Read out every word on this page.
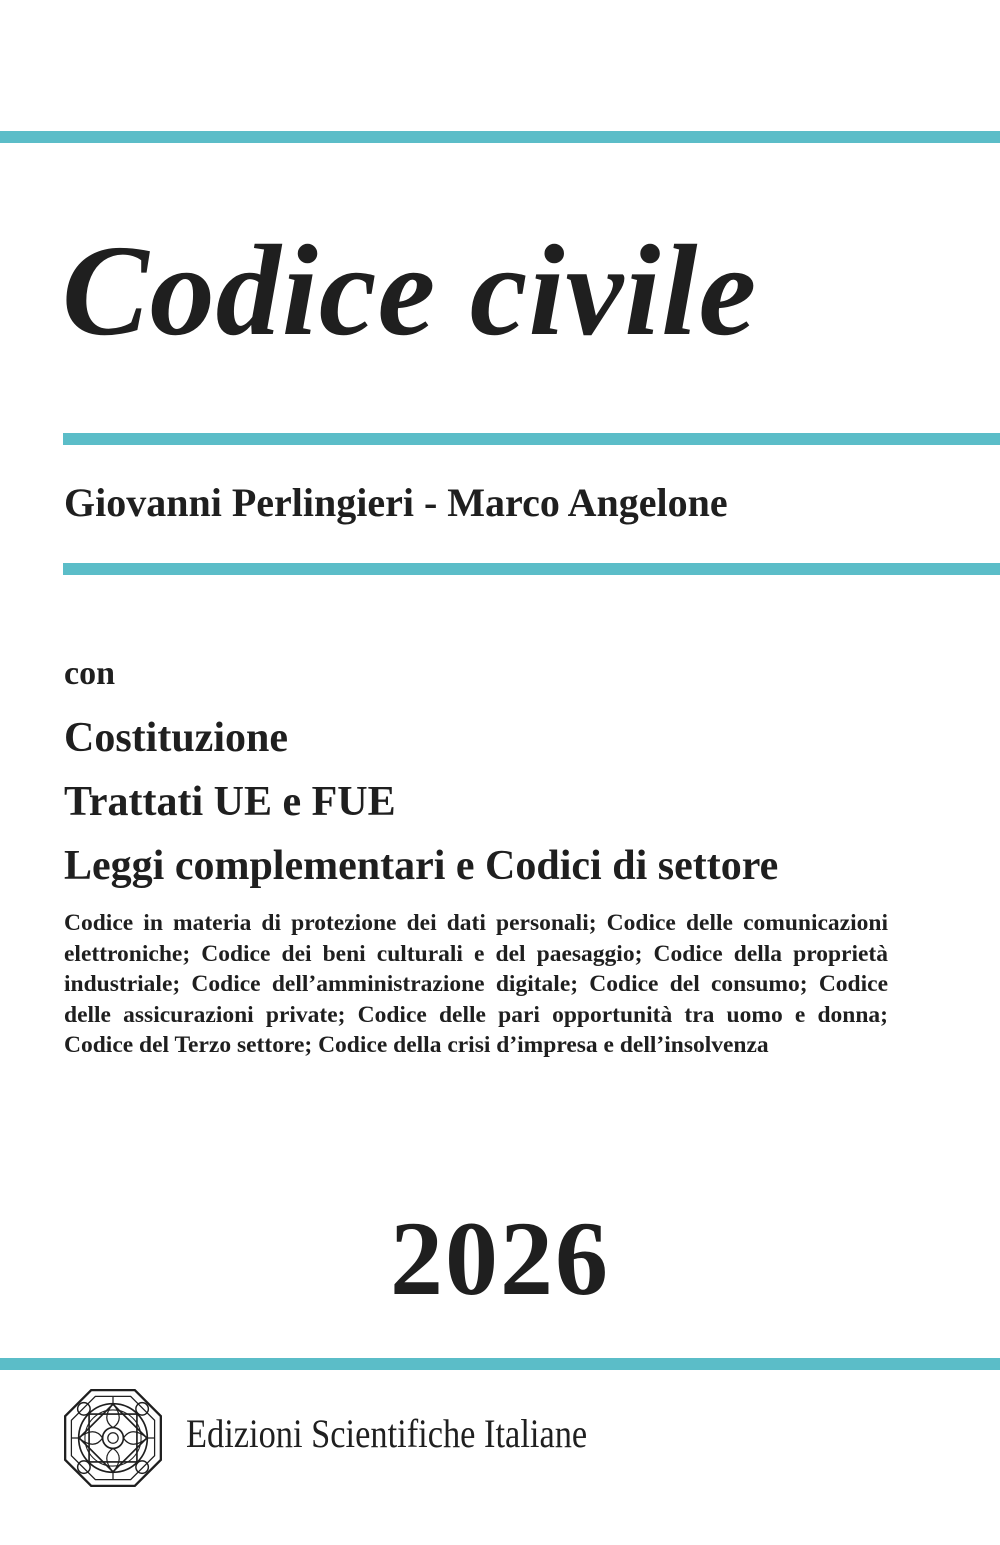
Codice civile
Giovanni Perlingieri - Marco Angelone
con
Costituzione
Trattati UE e FUE
Leggi complementari e Codici di settore

Codice in materia di protezione dei dati personali; Codice delle comunicazioni elettroniche; Codice dei beni culturali e del paesaggio; Codice della proprietà industriale; Codice dell’amministrazione digitale; Codice del consumo; Codice delle assicurazioni private; Codice delle pari opportunità tra uomo e donna; Codice del Terzo settore; Codice della crisi d’impresa e dell’insolvenza

2026
Edizioni Scientifiche Italiane
